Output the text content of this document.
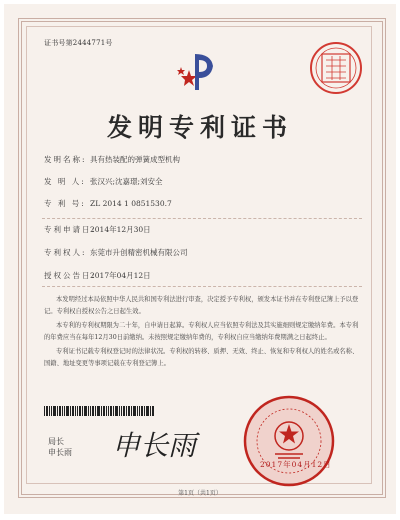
证书号第2444771号
发明专利证书
发明名称: 具有热装配的弹簧成型机构
发 明 人: 张汉兴;沈嘉璟;刘安全
专 利 号: ZL 2014 1 0851530.7
专利申请日:2014年12月30日
专利权人: 东莞市升创精密机械有限公司
授权公告日:2017年04月12日

本发明经过本局依照中华人民共和国专利法进行审查，决定授予专利权，颁发本证书并在专利登记簿上予以登记。专利权自授权公告之日起生效。

本专利的专利权期限为二十年，自申请日起算。专利权人应当依照专利法及其实施细则规定缴纳年费。本专利的年费应当在每年12月30日前缴纳。未按照规定缴纳年费的，专利权自应当缴纳年费期满之日起终止。

专利证书记载专利权登记时的法律状况。专利权的转移、质押、无效、终止、恢复和专利权人的姓名或名称、国籍、地址变更等事项记载在专利登记簿上。

局长
申长雨 申长雨
2017年04月12日
第1页（共1页）
